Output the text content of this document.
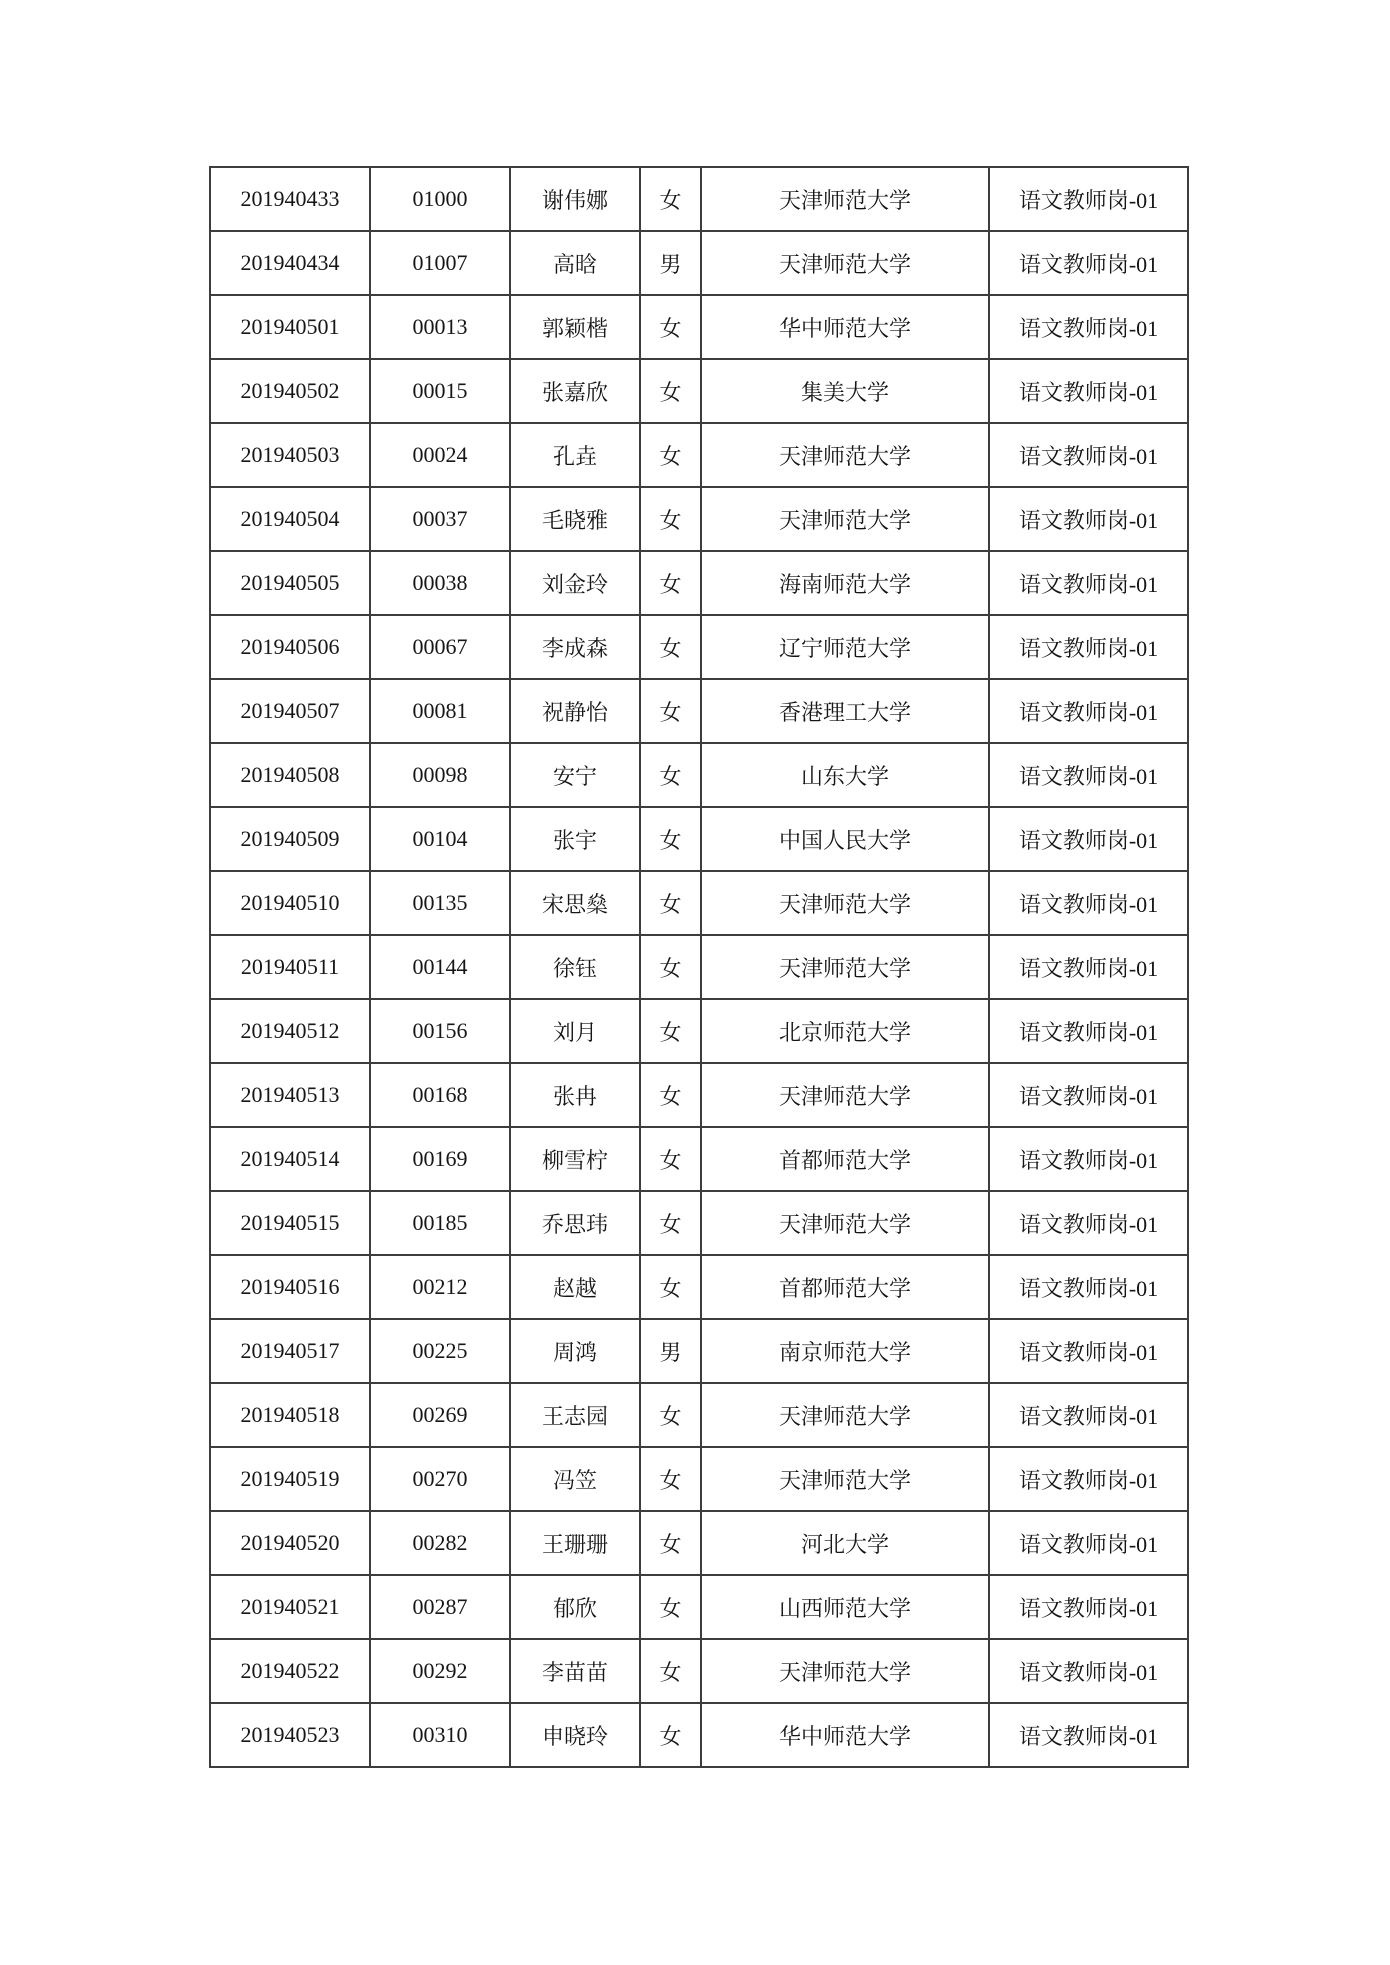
201940433	01000	谢伟娜	女	天津师范大学	语文教师岗-01
201940434	01007	高晗	男	天津师范大学	语文教师岗-01
201940501	00013	郭颖楷	女	华中师范大学	语文教师岗-01
201940502	00015	张嘉欣	女	集美大学	语文教师岗-01
201940503	00024	孔垚	女	天津师范大学	语文教师岗-01
201940504	00037	毛晓雅	女	天津师范大学	语文教师岗-01
201940505	00038	刘金玲	女	海南师范大学	语文教师岗-01
201940506	00067	李成森	女	辽宁师范大学	语文教师岗-01
201940507	00081	祝静怡	女	香港理工大学	语文教师岗-01
201940508	00098	安宁	女	山东大学	语文教师岗-01
201940509	00104	张宇	女	中国人民大学	语文教师岗-01
201940510	00135	宋思燊	女	天津师范大学	语文教师岗-01
201940511	00144	徐钰	女	天津师范大学	语文教师岗-01
201940512	00156	刘月	女	北京师范大学	语文教师岗-01
201940513	00168	张冉	女	天津师范大学	语文教师岗-01
201940514	00169	柳雪柠	女	首都师范大学	语文教师岗-01
201940515	00185	乔思玮	女	天津师范大学	语文教师岗-01
201940516	00212	赵越	女	首都师范大学	语文教师岗-01
201940517	00225	周鸿	男	南京师范大学	语文教师岗-01
201940518	00269	王志园	女	天津师范大学	语文教师岗-01
201940519	00270	冯笠	女	天津师范大学	语文教师岗-01
201940520	00282	王珊珊	女	河北大学	语文教师岗-01
201940521	00287	郁欣	女	山西师范大学	语文教师岗-01
201940522	00292	李苗苗	女	天津师范大学	语文教师岗-01
201940523	00310	申晓玲	女	华中师范大学	语文教师岗-01
